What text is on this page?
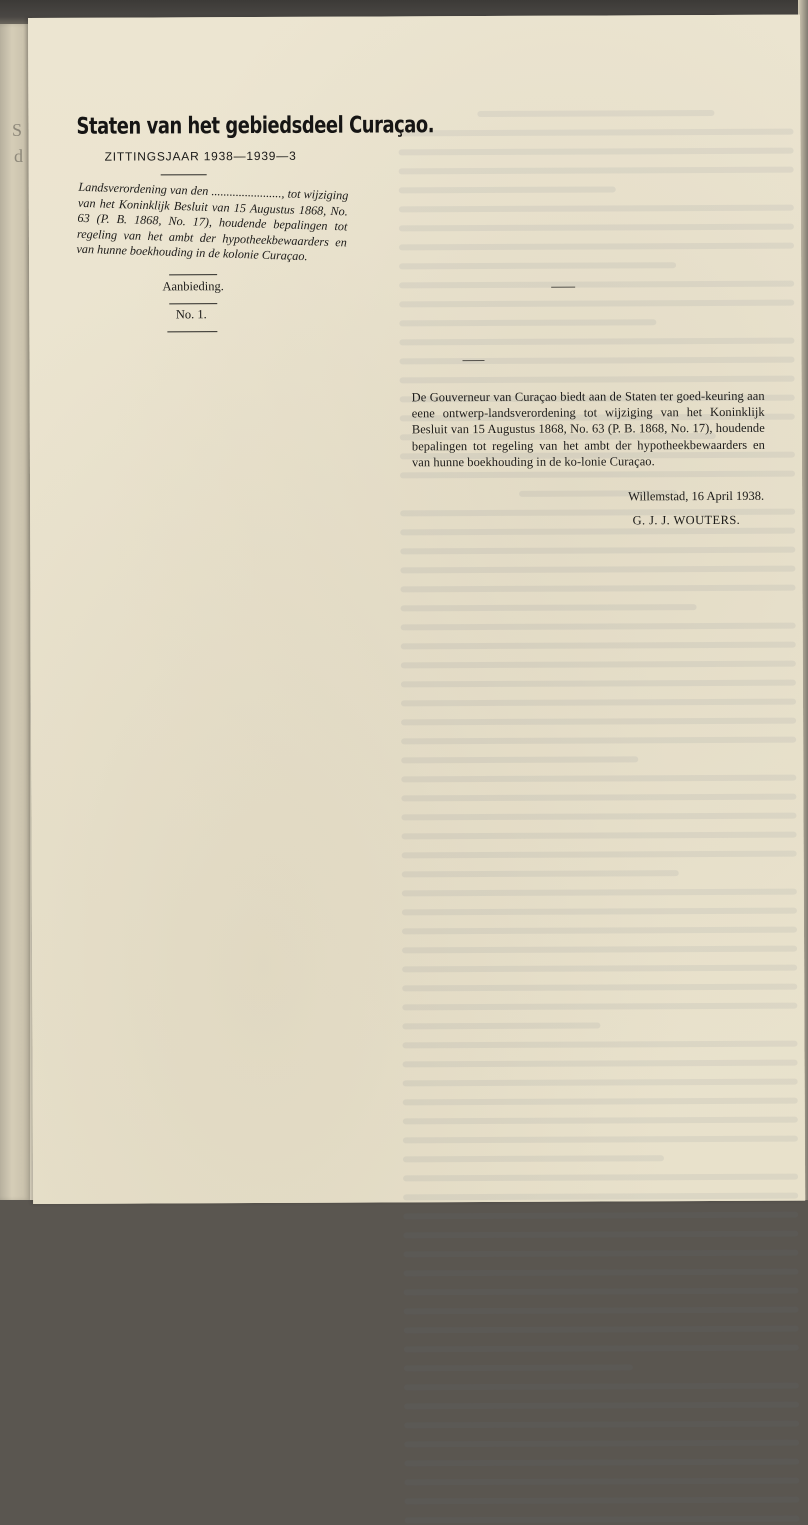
S
d
Staten van het gebiedsdeel Curaçao.
ZITTINGSJAAR 1938—1939—3
Landsverordening van den ......................., tot wijziging van het Koninklijk Besluit van 15 Augustus 1868, No. 63 (P. B. 1868, No. 17), houdende bepalingen tot regeling van het ambt der hypotheekbewaarders en van hunne boekhouding in de kolonie Curaçao.
Aanbieding.
No. 1.
De Gouverneur van Curaçao biedt aan de Staten ter goed-keuring aan eene ontwerp-landsverordening tot wijziging van het Koninklijk Besluit van 15 Augustus 1868, No. 63 (P. B. 1868, No. 17), houdende bepalingen tot regeling van het ambt der hypotheekbewaarders en van hunne boekhouding in de ko-lonie Curaçao.
Willemstad, 16 April 1938.
G. J. J. WOUTERS.
